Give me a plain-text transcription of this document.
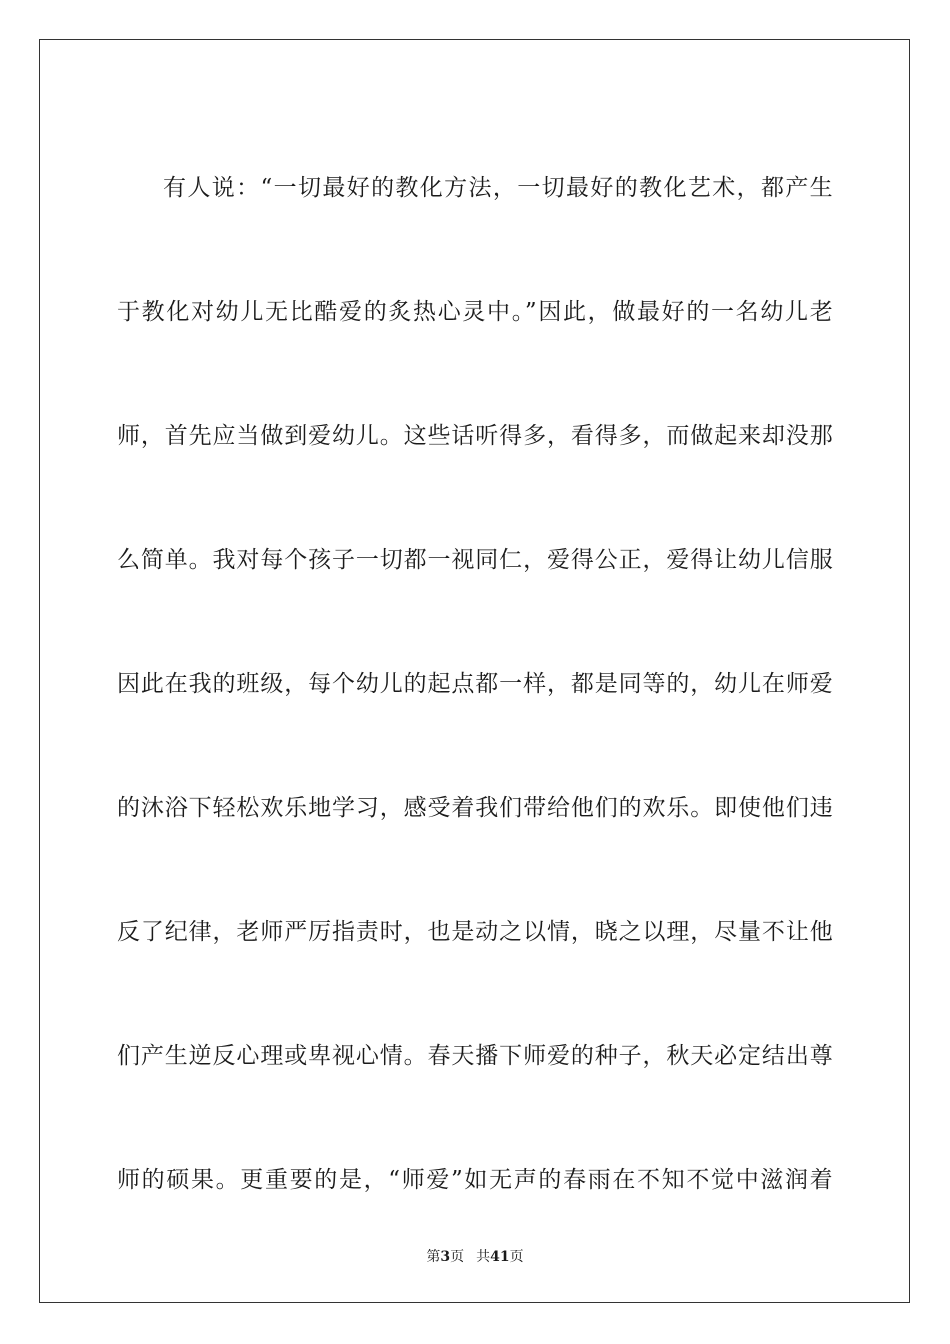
有人说：“一切最好的教化方法，一切最好的教化艺术，都产生
于教化对幼儿无比酷爱的炙热心灵中。”因此，做最好的一名幼儿老
师，首先应当做到爱幼儿。这些话听得多，看得多，而做起来却没那
么简单。我对每个孩子一切都一视同仁，爱得公正，爱得让幼儿信服
因此在我的班级，每个幼儿的起点都一样，都是同等的，幼儿在师爱
的沐浴下轻松欢乐地学习，感受着我们带给他们的欢乐。即使他们违
反了纪律，老师严厉指责时，也是动之以情，晓之以理，尽量不让他
们产生逆反心理或卑视心情。春天播下师爱的种子，秋天必定结出尊
师的硕果。更重要的是，“师爱”如无声的春雨在不知不觉中滋润着
第3页 共41页
